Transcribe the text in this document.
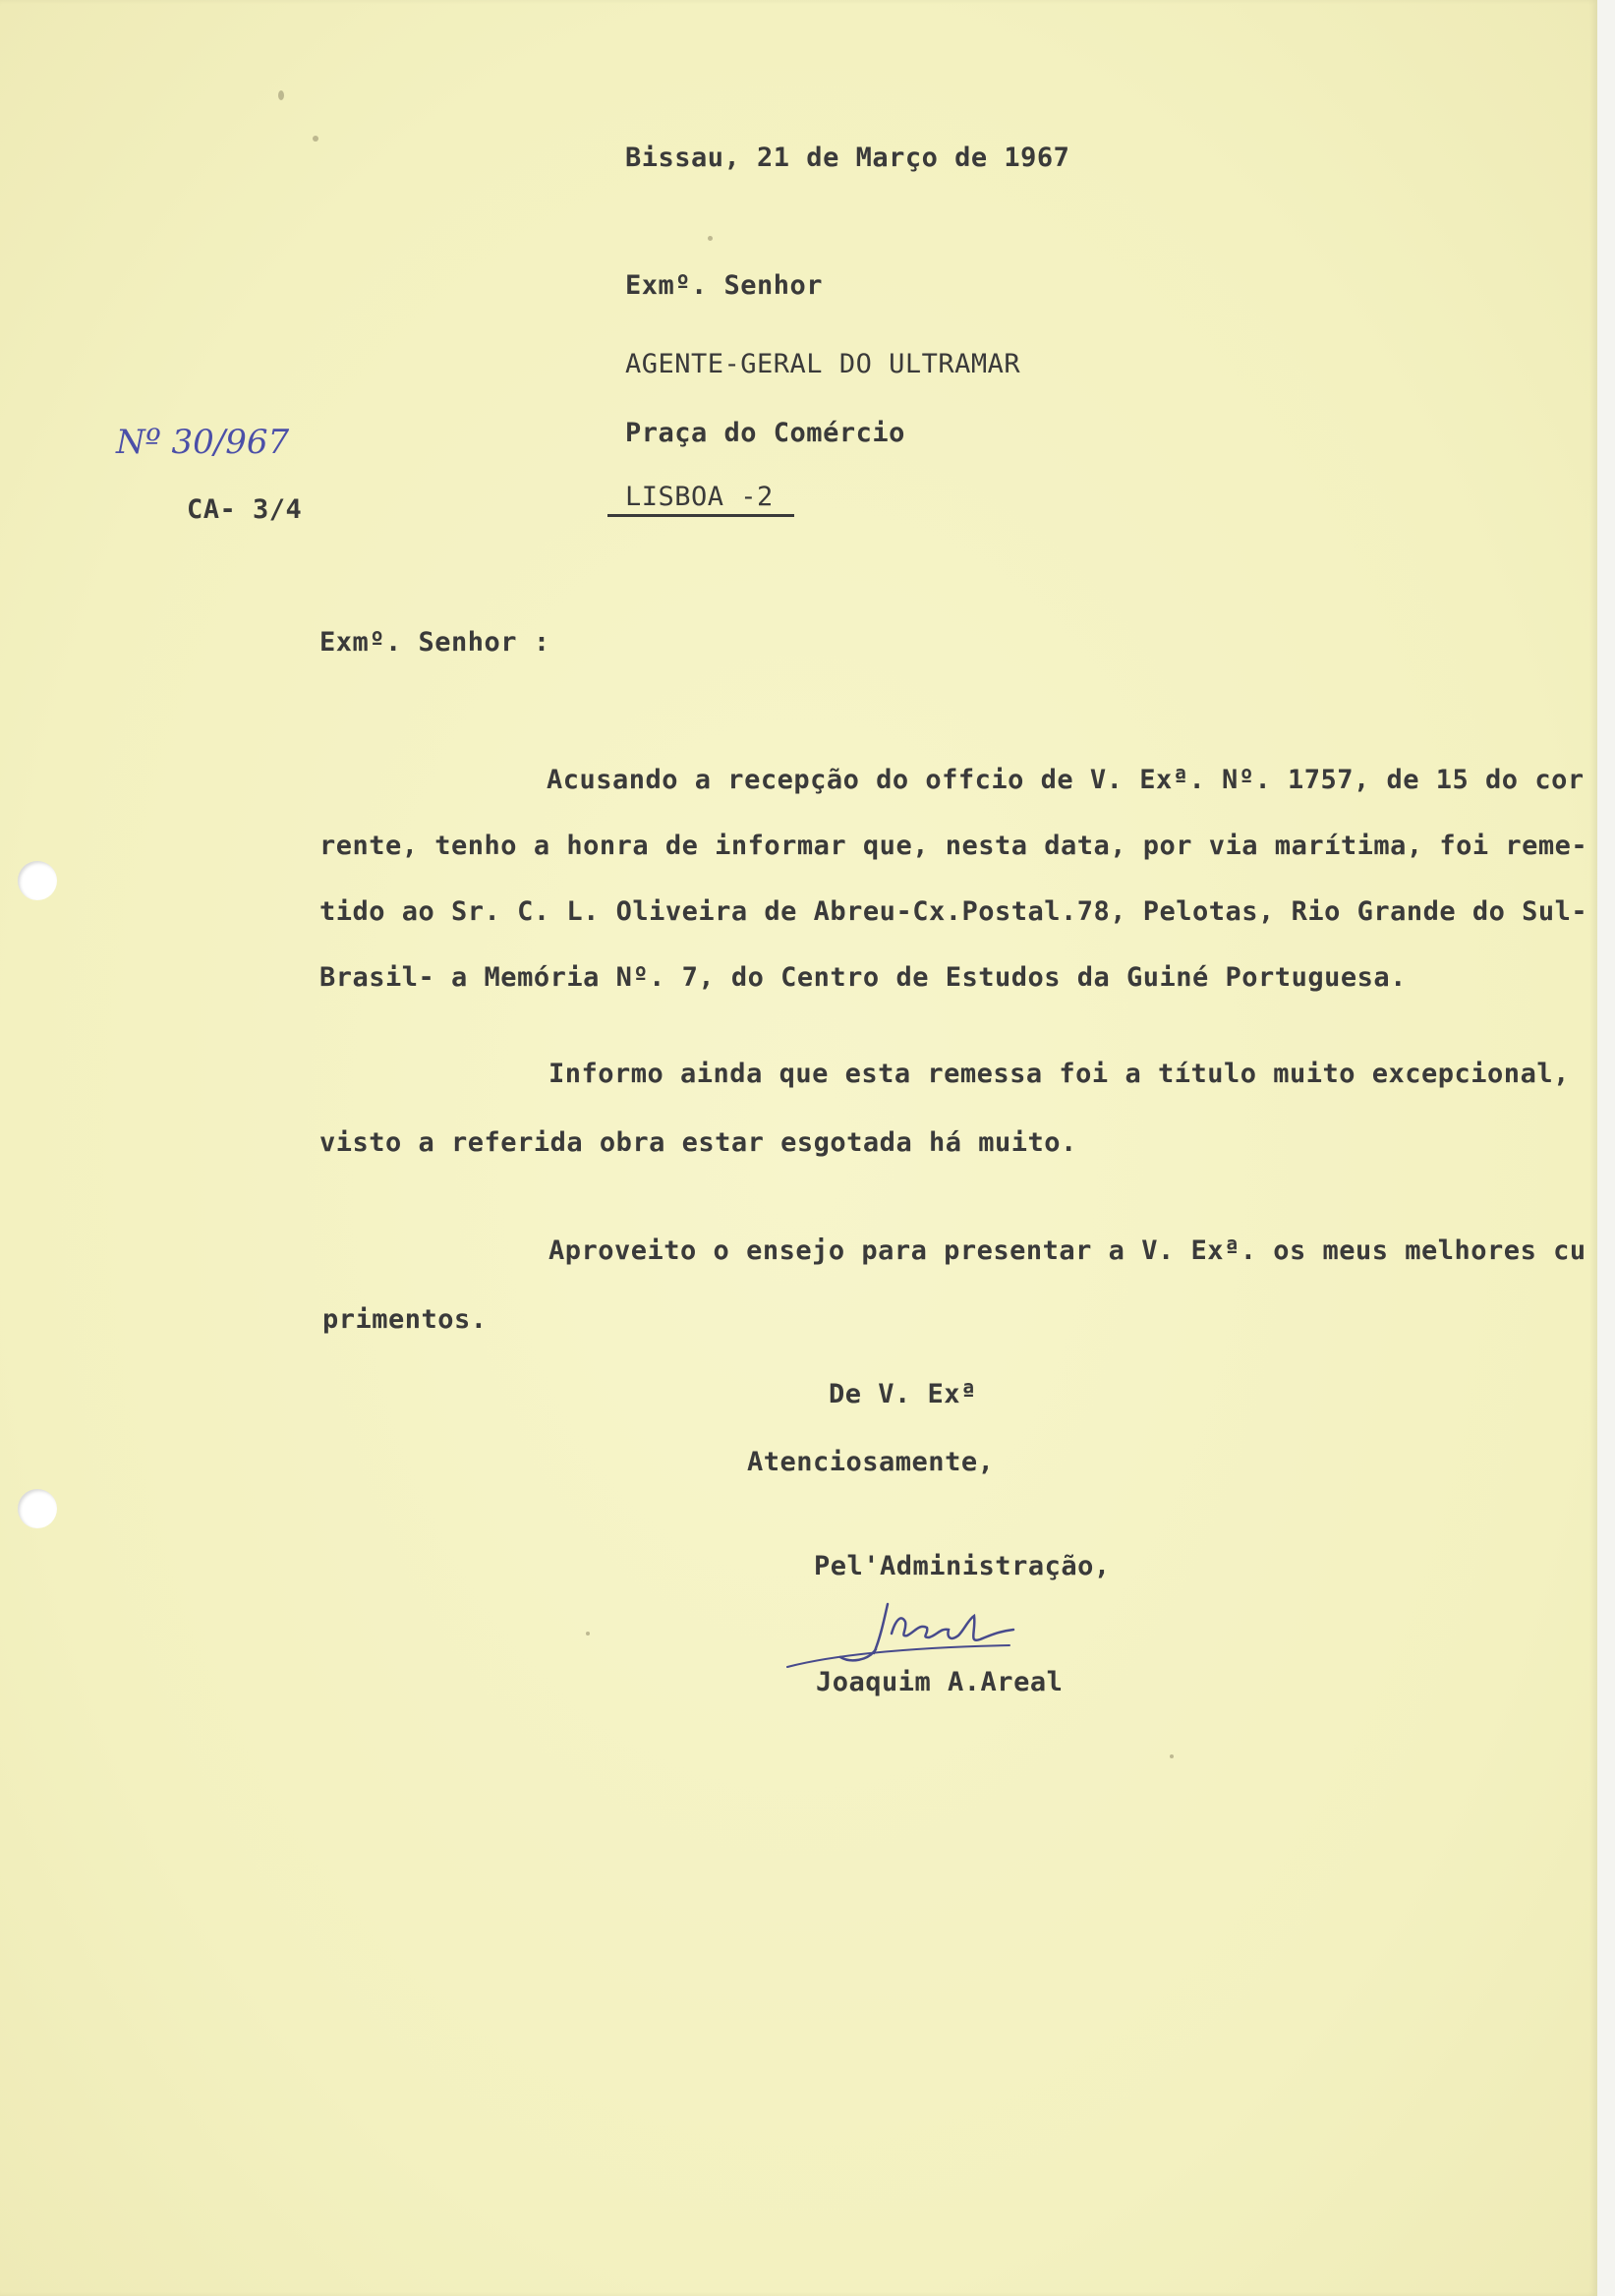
Bissau, 21 de Março de 1967
Exmº. Senhor
AGENTE-GERAL DO ULTRAMAR
Praça do Comércio
LISBOA -2
Nº 30/967
CA- 3/4
Exmº. Senhor :
Acusando a recepção do offcio de V. Exª. Nº. 1757, de 15 do cor
rente, tenho a honra de informar que, nesta data, por via marítima, foi reme-
tido ao Sr. C. L. Oliveira de Abreu-Cx.Postal.78, Pelotas, Rio Grande do Sul-
Brasil- a Memória Nº. 7, do Centro de Estudos da Guiné Portuguesa.
Informo ainda que esta remessa foi a título muito excepcional,
visto a referida obra estar esgotada há muito.
Aproveito o ensejo para presentar a V. Exª. os meus melhores cu
primentos.
De V. Exª
Atenciosamente,
Pel'Administração,
Joaquim A.Areal
